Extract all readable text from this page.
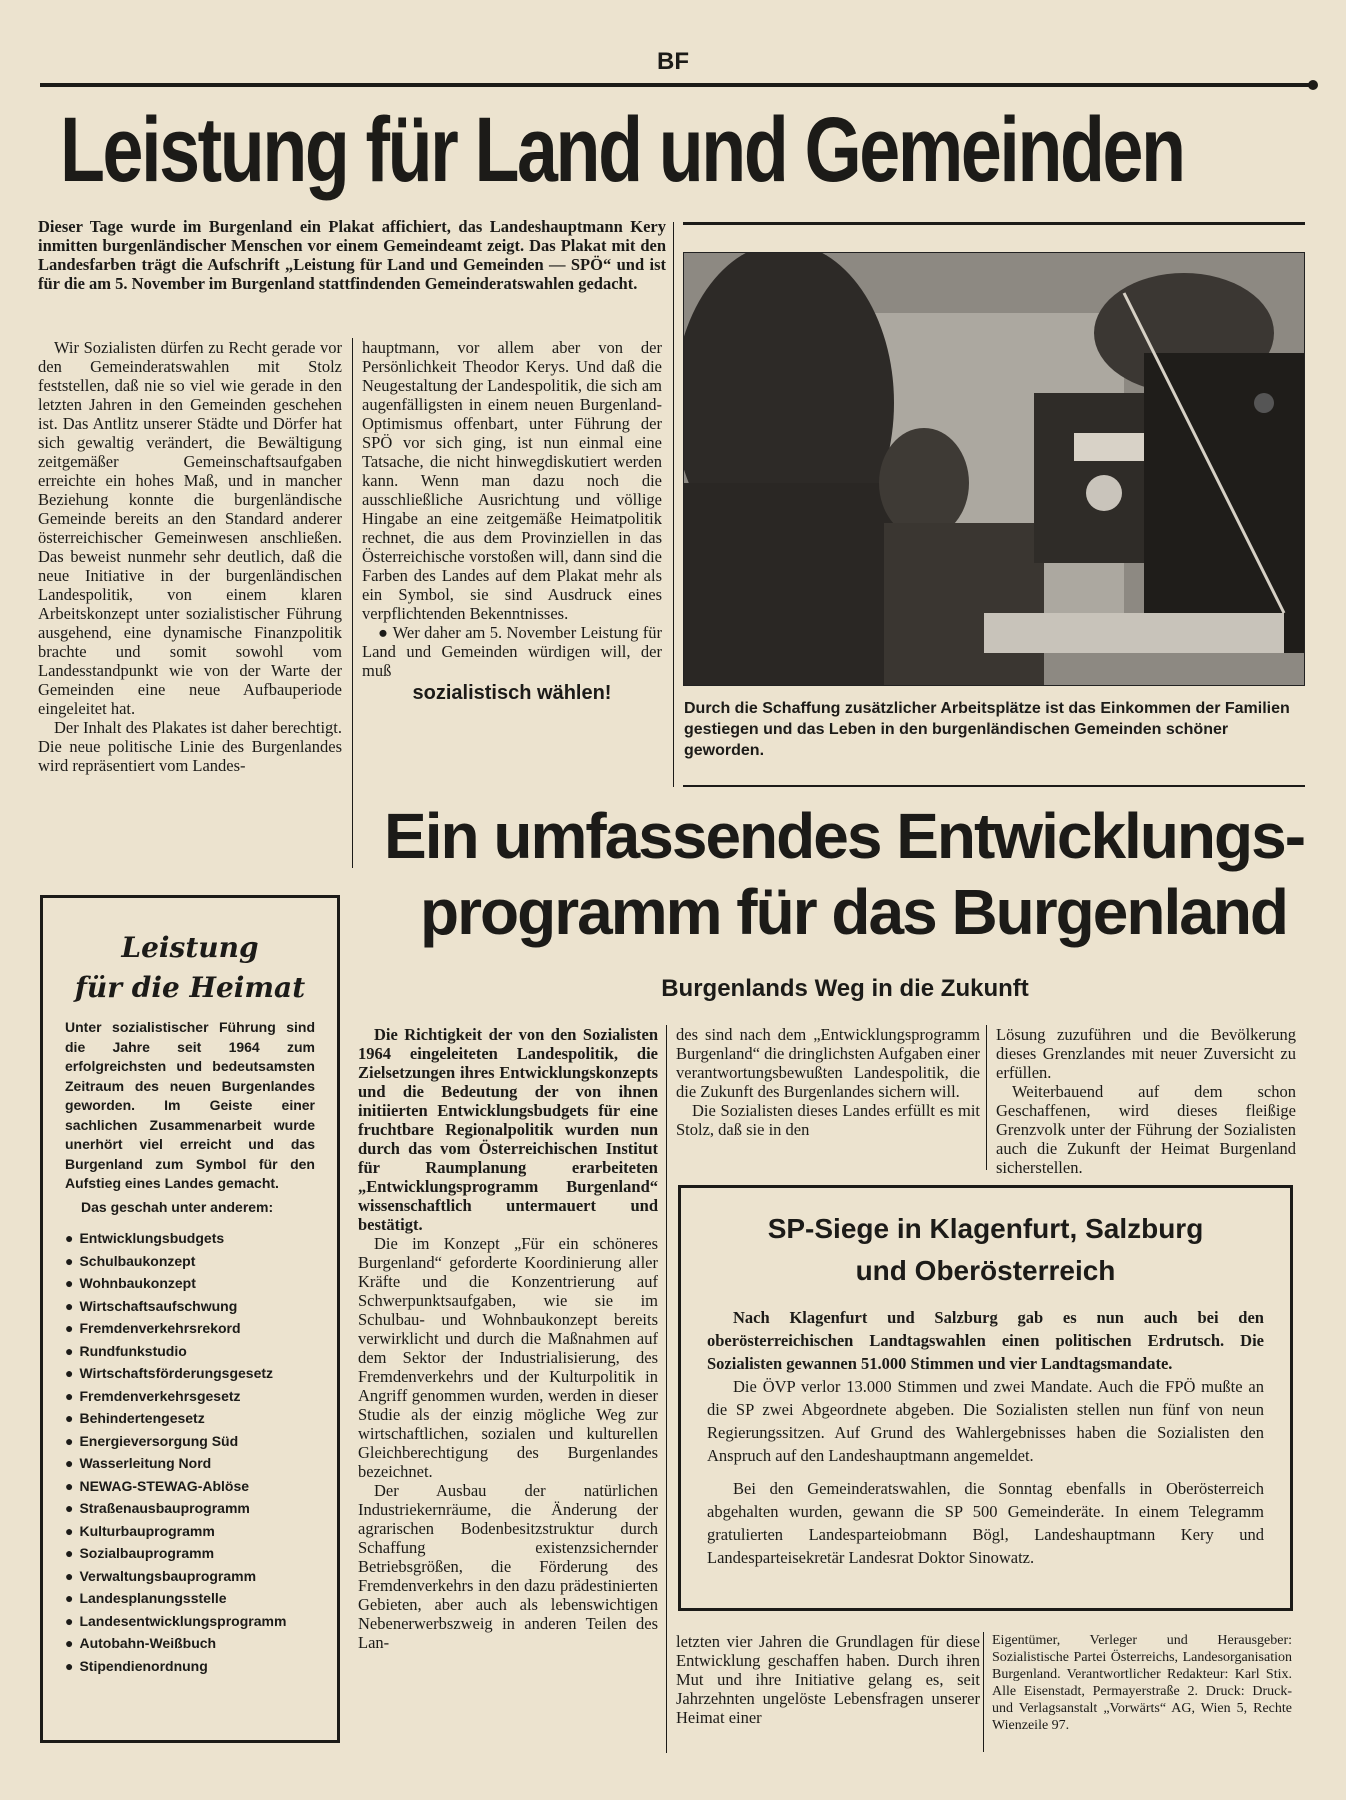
BF
Leistung für Land und Gemeinden
Dieser Tage wurde im Burgenland ein Plakat affichiert, das Landeshauptmann Kery inmitten burgenländischer Menschen vor einem Gemeindeamt zeigt. Das Plakat mit den Landesfarben trägt die Aufschrift „Leistung für Land und Gemeinden — SPÖ“ und ist für die am 5. November im Burgenland stattfindenden Gemeinderatswahlen gedacht.

Wir Sozialisten dürfen zu Recht gerade vor den Gemeinderatswahlen mit Stolz feststellen, daß nie so viel wie gerade in den letzten Jahren in den Gemeinden geschehen ist. Das Antlitz unserer Städte und Dörfer hat sich gewaltig verändert, die Bewältigung zeitgemäßer Gemeinschaftsaufgaben erreichte ein hohes Maß, und in mancher Beziehung konnte die burgenländische Gemeinde bereits an den Standard anderer österreichischer Gemeinwesen anschließen. Das beweist nunmehr sehr deutlich, daß die neue Initiative in der burgenländischen Landespolitik, von einem klaren Arbeitskonzept unter sozialistischer Führung ausgehend, eine dynamische Finanzpolitik brachte und somit sowohl vom Landesstandpunkt wie von der Warte der Gemeinden eine neue Aufbauperiode eingeleitet hat.

Der Inhalt des Plakates ist daher berechtigt. Die neue politische Linie des Burgenlandes wird repräsentiert vom Landes-

hauptmann, vor allem aber von der Persönlichkeit Theodor Kerys. Und daß die Neugestaltung der Landespolitik, die sich am augenfälligsten in einem neuen Burgenland-Optimismus offenbart, unter Führung der SPÖ vor sich ging, ist nun einmal eine Tatsache, die nicht hinwegdiskutiert werden kann. Wenn man dazu noch die ausschließliche Ausrichtung und völlige Hingabe an eine zeitgemäße Heimatpolitik rechnet, die aus dem Provinziellen in das Österreichische vorstoßen will, dann sind die Farben des Landes auf dem Plakat mehr als ein Symbol, sie sind Ausdruck eines verpflichtenden Bekenntnisses.

● Wer daher am 5. November Leistung für Land und Gemeinden würdigen will, der muß

sozialistisch wählen!
Durch die Schaffung zusätzlicher Arbeitsplätze ist das Einkommen der Familien gestiegen und das Leben in den burgenländischen Gemeinden schöner geworden.
Ein umfassendes Entwicklungs-
programm für das Burgenland
Burgenlands Weg in die Zukunft
Leistung
für die Heimat
Unter sozialistischer Führung sind die Jahre seit 1964 zum erfolgreichsten und bedeutsamsten Zeitraum des neuen Burgenlandes geworden. Im Geiste einer sachlichen Zusammenarbeit wurde unerhört viel erreicht und das Burgenland zum Symbol für den Aufstieg eines Landes gemacht.
Das geschah unter anderem:
● Entwicklungsbudgets
● Schulbaukonzept
● Wohnbaukonzept
● Wirtschaftsaufschwung
● Fremdenverkehrsrekord
● Rundfunkstudio
● Wirtschaftsförderungsgesetz
● Fremdenverkehrsgesetz
● Behindertengesetz
● Energieversorgung Süd
● Wasserleitung Nord
● NEWAG-STEWAG-Ablöse
● Straßenausbauprogramm
● Kulturbauprogramm
● Sozialbauprogramm
● Verwaltungsbauprogramm
● Landesplanungsstelle
● Landesentwicklungsprogramm
● Autobahn-Weißbuch
● Stipendienordnung

Die Richtigkeit der von den Sozialisten 1964 eingeleiteten Landespolitik, die Zielsetzungen ihres Entwicklungskonzepts und die Bedeutung der von ihnen initiierten Entwicklungsbudgets für eine fruchtbare Regionalpolitik wurden nun durch das vom Österreichischen Institut für Raumplanung erarbeiteten „Entwicklungsprogramm Burgenland“ wissenschaftlich untermauert und bestätigt.

Die im Konzept „Für ein schöneres Burgenland“ geforderte Koordinierung aller Kräfte und die Konzentrierung auf Schwerpunktsaufgaben, wie sie im Schulbau- und Wohnbaukonzept bereits verwirklicht und durch die Maßnahmen auf dem Sektor der Industrialisierung, des Fremdenverkehrs und der Kulturpolitik in Angriff genommen wurden, werden in dieser Studie als der einzig mögliche Weg zur wirtschaftlichen, sozialen und kulturellen Gleichberechtigung des Burgenlandes bezeichnet.

Der Ausbau der natürlichen Industriekernräume, die Änderung der agrarischen Bodenbesitzstruktur durch Schaffung existenzsichernder Betriebsgrößen, die Förderung des Fremdenverkehrs in den dazu prädestinierten Gebieten, aber auch als lebenswichtigen Nebenerwerbszweig in anderen Teilen des Lan-

des sind nach dem „Entwicklungsprogramm Burgenland“ die dringlichsten Aufgaben einer verantwortungsbewußten Landespolitik, die die Zukunft des Burgenlandes sichern will.

Die Sozialisten dieses Landes erfüllt es mit Stolz, daß sie in den

Lösung zuzuführen und die Bevölkerung dieses Grenzlandes mit neuer Zuversicht zu erfüllen.

Weiterbauend auf dem schon Geschaffenen, wird dieses fleißige Grenzvolk unter der Führung der Sozialisten auch die Zukunft der Heimat Burgenland sicherstellen.

SP-Siege in Klagenfurt, Salzburg
und Oberösterreich

Nach Klagenfurt und Salzburg gab es nun auch bei den oberösterreichischen Landtagswahlen einen politischen Erdrutsch. Die Sozialisten gewannen 51.000 Stimmen und vier Landtagsmandate.

Die ÖVP verlor 13.000 Stimmen und zwei Mandate. Auch die FPÖ mußte an die SP zwei Abgeordnete abgeben. Die Sozialisten stellen nun fünf von neun Regierungssitzen. Auf Grund des Wahlergebnisses haben die Sozialisten den Anspruch auf den Landeshauptmann angemeldet.

Bei den Gemeinderatswahlen, die Sonntag ebenfalls in Oberösterreich abgehalten wurden, gewann die SP 500 Gemeinderäte. In einem Telegramm gratulierten Landesparteiobmann Bögl, Landeshauptmann Kery und Landesparteisekretär Landesrat Doktor Sinowatz.

letzten vier Jahren die Grundlagen für diese Entwicklung geschaffen haben. Durch ihren Mut und ihre Initiative gelang es, seit Jahrzehnten ungelöste Lebensfragen unserer Heimat einer

Eigentümer, Verleger und Herausgeber: Sozialistische Partei Österreichs, Landesorganisation Burgenland. Verantwortlicher Redakteur: Karl Stix. Alle Eisenstadt, Permayerstraße 2. Druck: Druck- und Verlagsanstalt „Vorwärts“ AG, Wien 5, Rechte Wienzeile 97.
